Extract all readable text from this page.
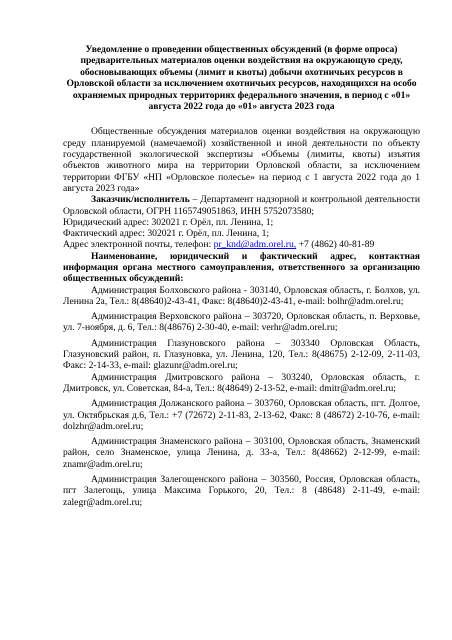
Уведомление о проведении общественных обсуждений (в форме опроса) предварительных материалов оценки воздействия на окружающую среду, обосновывающих объемы (лимит и квоты) добычи охотничьих ресурсов в Орловской области за исключением охотничьих ресурсов, находящихся на особо охраняемых природных территориях федерального значения, в период с «01» августа 2022 года до «01» августа 2023 года

Общественные обсуждения материалов оценки воздействия на окружающую среду планируемой (намечаемой) хозяйственной и иной деятельности по объекту государственной экологической экспертизы «Объемы (лимиты, квоты) изъятия объектов животного мира на территории Орловской области, за исключением территории ФГБУ «НП «Орловское полесье» на период с 1 августа 2022 года до 1 августа 2023 года»

Заказчик/исполнитель – Департамент надзорной и контрольной деятельности Орловской области, ОГРН 1165749051863, ИНН 5752073580;

Юридический адрес: 302021 г. Орёл, пл. Ленина, 1;

Фактический адрес: 302021 г. Орёл, пл. Ленина, 1;

Адрес электронной почты, телефон: pr_knd@adm.orel.ru, +7 (4862) 40-81-89

Наименование, юридический и фактический адрес, контактная информация органа местного самоуправления, ответственного за организацию общественных обсуждений:

Администрация Болховского района - 303140, Орловская область, г. Болхов, ул. Ленина 2а, Тел.: 8(48640)2-43-41, Факс: 8(48640)2-43-41, e-mail: bolhr@adm.orel.ru;

Администрация Верховского района – 303720, Орловская область, п. Верховье, ул. 7-ноября, д. 6, Тел.: 8(48676) 2-30-40, e-mail: verhr@adm.orel.ru;

Администрация Глазуновского района – 303340 Орловская Область, Глазуновский район, п. Глазуновка, ул. Ленина, 120, Тел.: 8(48675) 2-12-09, 2-11-03, Факс: 2-14-33, e-mail: glazunr@adm.orel.ru;

Администрация Дмитровского района – 303240, Орловская область, г. Дмитровск, ул. Советская, 84-а, Тел.: 8(48649) 2-13-52, e-mail: dmitr@adm.orel.ru;

Администрация Должанского района – 303760, Орловская область, пгт. Долгое, ул. Октябрьская д.6, Тел.: +7 (72672) 2-11-83, 2-13-62, Факс: 8 (48672) 2-10-76, e-mail: dolzhr@adm.orel.ru;

Администрация Знаменского района – 303100, Орловская область, Знаменский район, село Знаменское, улица Ленина, д. 33-а, Тел.: 8(48662) 2-12-99, e-mail: znamr@adm.orel.ru;

Администрация Залегощенского района – 303560, Россия, Орловская область, пгт Залегощь, улица Максима Горького, 20, Тел.: 8 (48648) 2-11-49, e-mail: zalegr@adm.orel.ru;
